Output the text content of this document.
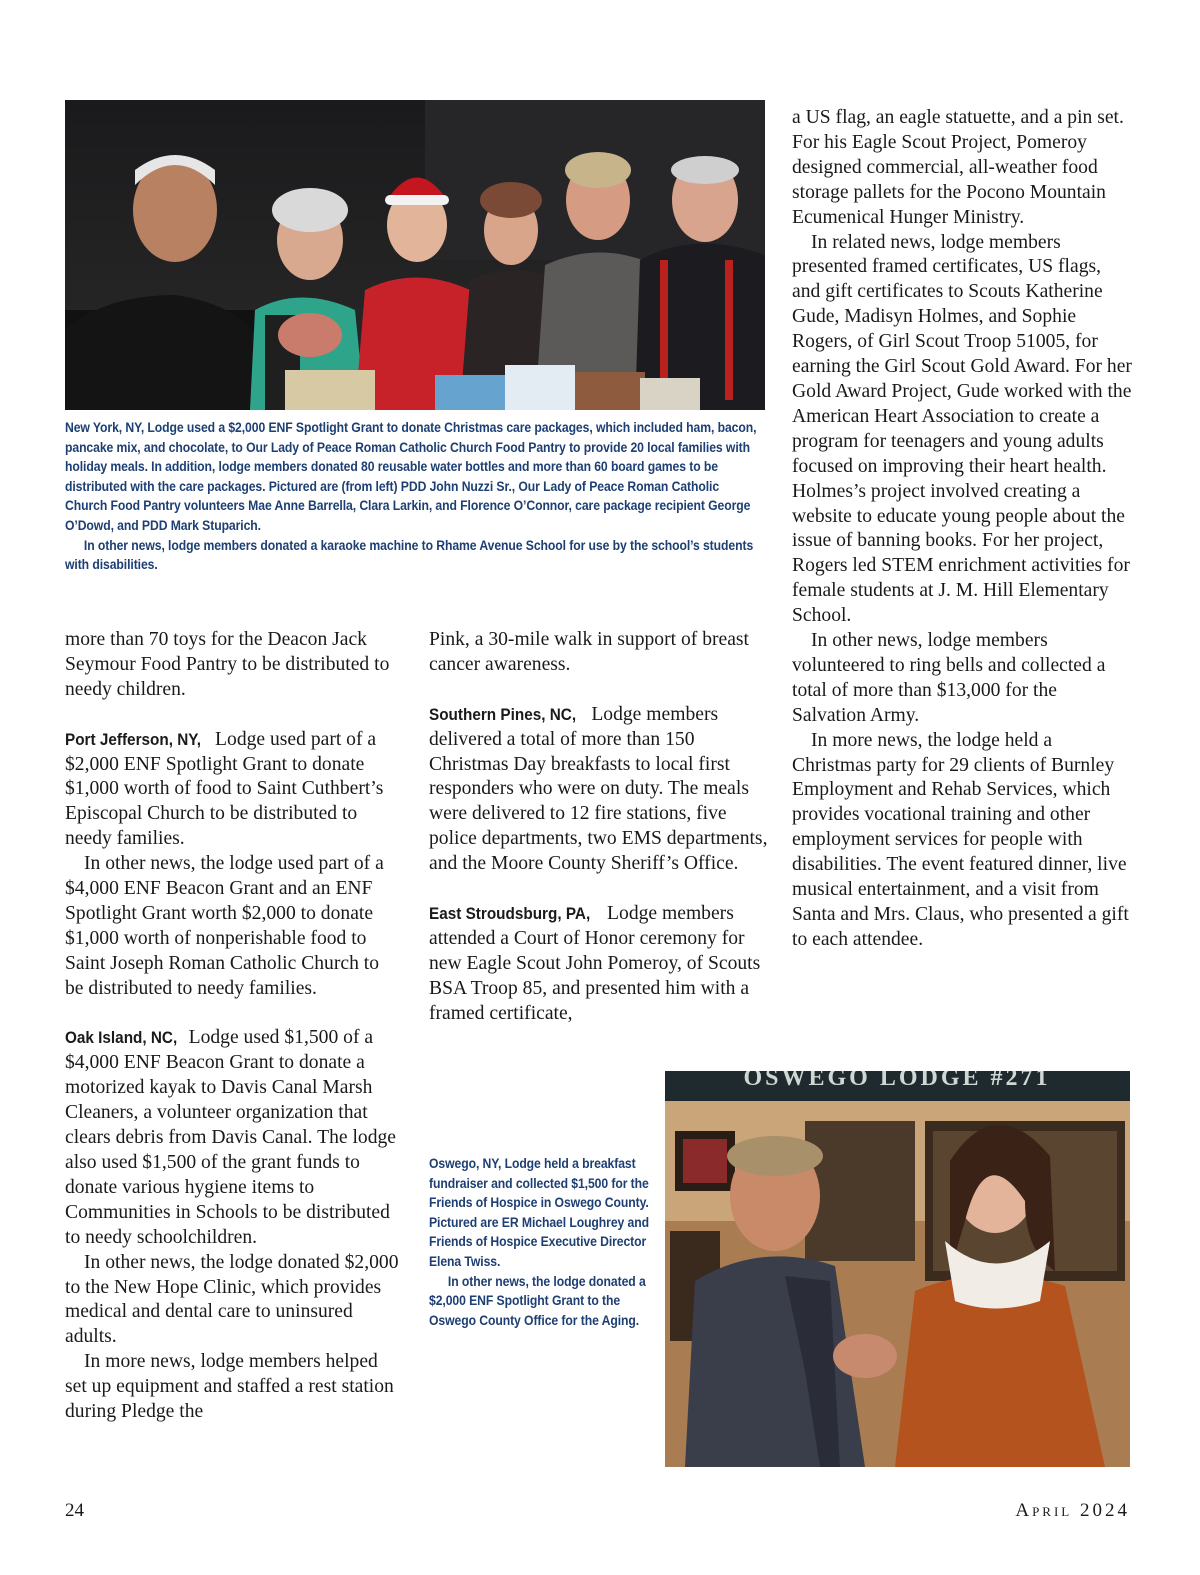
New York, NY, Lodge used a $2,000 ENF Spotlight Grant to donate Christmas care packages, which included ham, bacon, pancake mix, and chocolate, to Our Lady of Peace Roman Catholic Church Food Pantry to provide 20 local families with holiday meals. In addition, lodge members donated 80 reusable water bottles and more than 60 board games to be distributed with the care packages. Pictured are (from left) PDD John Nuzzi Sr., Our Lady of Peace Roman Catholic Church Food Pantry volunteers Mae Anne Barrella, Clara Larkin, and Florence O’Connor, care package recipient George O’Dowd, and PDD Mark Stuparich.

In other news, lodge members donated a karaoke machine to Rhame Avenue School for use by the school’s students with disabilities.

more than 70 toys for the Deacon Jack Seymour Food Pantry to be distributed to needy children.

Port Jefferson, NY, Lodge used part of a $2,000 ENF Spotlight Grant to donate $1,000 worth of food to Saint Cuthbert’s Episcopal Church to be distributed to needy families.

In other news, the lodge used part of a $4,000 ENF Beacon Grant and an ENF Spotlight Grant worth $2,000 to donate $1,000 worth of nonperishable food to Saint Joseph Roman Catholic Church to be distributed to needy families.

Oak Island, NC, Lodge used $1,500 of a $4,000 ENF Beacon Grant to donate a motorized kayak to Davis Canal Marsh Cleaners, a volunteer organization that clears debris from Davis Canal. The lodge also used $1,500 of the grant funds to donate various hygiene items to Communities in Schools to be distributed to needy schoolchildren.

In other news, the lodge donated $2,000 to the New Hope Clinic, which provides medical and dental care to uninsured adults.

In more news, lodge members helped set up equipment and staffed a rest station during Pledge the

Pink, a 30-mile walk in support of breast cancer awareness.

Southern Pines, NC, Lodge members delivered a total of more than 150 Christmas Day breakfasts to local first responders who were on duty. The meals were delivered to 12 fire stations, five police departments, two EMS departments, and the Moore County Sheriff’s Office.

East Stroudsburg, PA, Lodge members attended a Court of Honor ceremony for new Eagle Scout John Pomeroy, of Scouts BSA Troop 85, and presented him with a framed certificate,

a US flag, an eagle statuette, and a pin set. For his Eagle Scout Project, Pomeroy designed commercial, all-weather food storage pallets for the Pocono Mountain Ecumenical Hunger Ministry.

In related news, lodge members presented framed certificates, US flags, and gift certificates to Scouts Katherine Gude, Madisyn Holmes, and Sophie Rogers, of Girl Scout Troop 51005, for earning the Girl Scout Gold Award. For her Gold Award Project, Gude worked with the American Heart Association to create a program for teenagers and young adults focused on improving their heart health. Holmes’s project involved creating a website to educate young people about the issue of banning books. For her project, Rogers led STEM enrichment activities for female students at J. M. Hill Elementary School.

In other news, lodge members volunteered to ring bells and collected a total of more than $13,000 for the Salvation Army.

In more news, the lodge held a Christmas party for 29 clients of Burnley Employment and Rehab Services, which provides vocational training and other employment services for people with disabilities. The event featured dinner, live musical entertainment, and a visit from Santa and Mrs. Claus, who presented a gift to each attendee.

Oswego, NY, Lodge held a breakfast fundraiser and collected $1,500 for the Friends of Hospice in Oswego County. Pictured are ER Michael Loughrey and Friends of Hospice Executive Director Elena Twiss.

In other news, the lodge donated a $2,000 ENF Spotlight Grant to the Oswego County Office for the Aging.

OSWEGO LODGE #271
24	April 2024
